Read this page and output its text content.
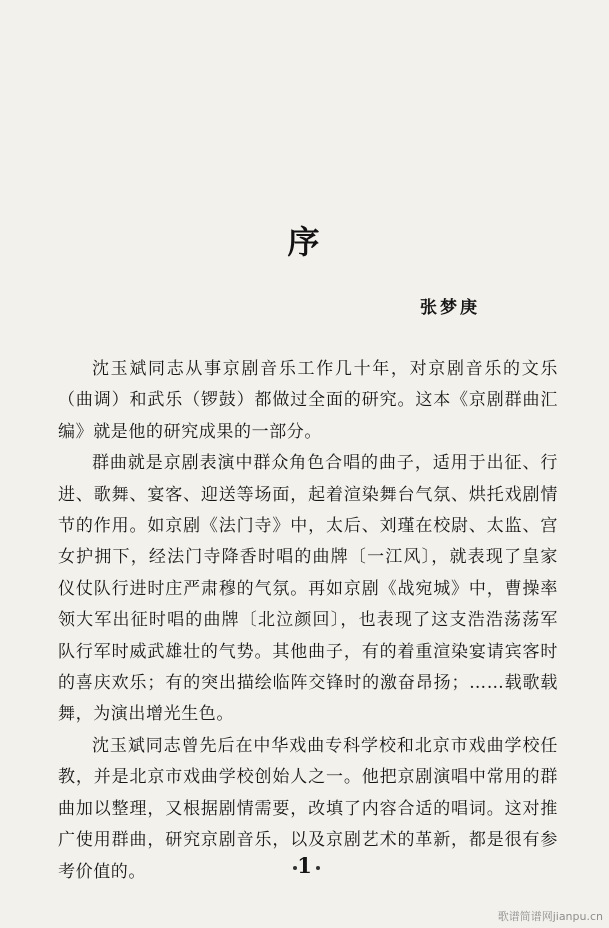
序
张梦庚

沈玉斌同志从事京剧音乐工作几十年，对京剧音乐的文乐（曲调）和武乐（锣鼓）都做过全面的研究。这本《京剧群曲汇编》就是他的研究成果的一部分。

群曲就是京剧表演中群众角色合唱的曲子，适用于出征、行进、歌舞、宴客、迎送等场面，起着渲染舞台气氛、烘托戏剧情节的作用。如京剧《法门寺》中，太后、刘瑾在校尉、太监、宫女护拥下，经法门寺降香时唱的曲牌〔一江风〕，就表现了皇家仪仗队行进时庄严肃穆的气氛。再如京剧《战宛城》中，曹操率领大军出征时唱的曲牌〔北泣颜回〕，也表现了这支浩浩荡荡军队行军时威武雄壮的气势。其他曲子，有的着重渲染宴请宾客时的喜庆欢乐；有的突出描绘临阵交锋时的激奋昂扬；……载歌载舞，为演出增光生色。

沈玉斌同志曾先后在中华戏曲专科学校和北京市戏曲学校任教，并是北京市戏曲学校创始人之一。他把京剧演唱中常用的群曲加以整理，又根据剧情需要，改填了内容合适的唱词。这对推广使用群曲，研究京剧音乐，以及京剧艺术的革新，都是很有参考价值的。	1
歌谱简谱网jianpu.cn
